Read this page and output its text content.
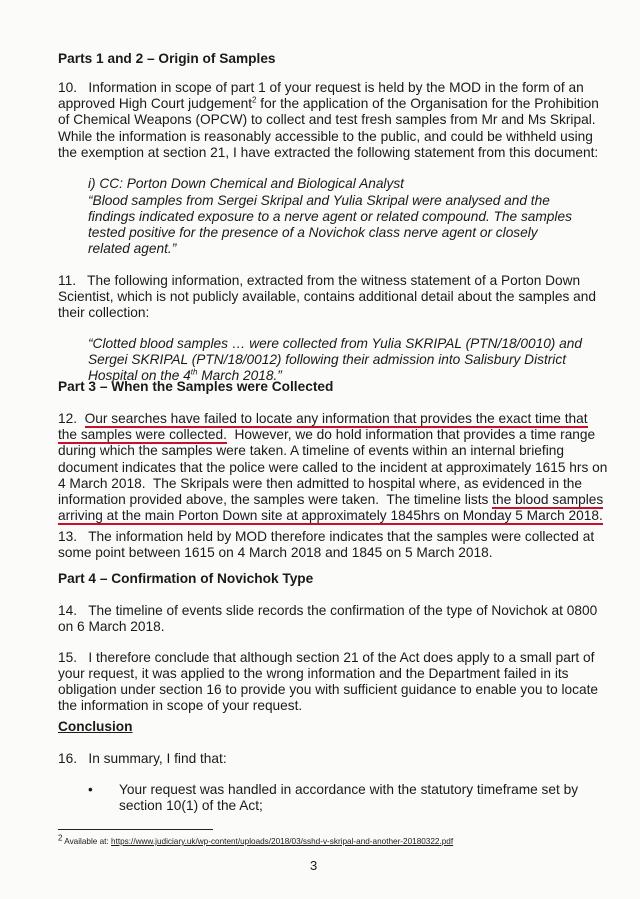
Parts 1 and 2 – Origin of Samples
10.   Information in scope of part 1 of your request is held by the MOD in the form of an
approved High Court judgement$^2$ for the application of the Organisation for the Prohibition
of Chemical Weapons (OPCW) to collect and test fresh samples from Mr and Ms Skripal.
While the information is reasonably accessible to the public, and could be withheld using
the exemption at section 21, I have extracted the following statement from this document:
i) CC: Porton Down Chemical and Biological Analyst
“Blood samples from Sergei Skripal and Yulia Skripal were analysed and the
findings indicated exposure to a nerve agent or related compound. The samples
tested positive for the presence of a Novichok class nerve agent or closely
related agent.”
11.   The following information, extracted from the witness statement of a Porton Down
Scientist, which is not publicly available, contains additional detail about the samples and
their collection:
“Clotted blood samples … were collected from Yulia SKRIPAL (PTN/18/0010) and
Sergei SKRIPAL (PTN/18/0012) following their admission into Salisbury District
Hospital on the 4th March 2018.”
Part 3 – When the Samples were Collected
12.  Our searches have failed to locate any information that provides the exact time that
the samples were collected.  However, we do hold information that provides a time range
during which the samples were taken. A timeline of events within an internal briefing
document indicates that the police were called to the incident at approximately 1615 hrs on
4 March 2018.  The Skripals were then admitted to hospital where, as evidenced in the
information provided above, the samples were taken.  The timeline lists the blood samples
arriving at the main Porton Down site at approximately 1845hrs on Monday 5 March 2018.
13.   The information held by MOD therefore indicates that the samples were collected at
some point between 1615 on 4 March 2018 and 1845 on 5 March 2018.
Part 4 – Confirmation of Novichok Type
14.   The timeline of events slide records the confirmation of the type of Novichok at 0800
on 6 March 2018.
15.   I therefore conclude that although section 21 of the Act does apply to a small part of
your request, it was applied to the wrong information and the Department failed in its
obligation under section 16 to provide you with sufficient guidance to enable you to locate
the information in scope of your request.
Conclusion
16.   In summary, I find that:
• Your request was handled in accordance with the statutory timeframe set by
section 10(1) of the Act;
$^2$ Available at: https://www.judiciary.uk/wp-content/uploads/2018/03/sshd-v-skripal-and-another-20180322.pdf
3
